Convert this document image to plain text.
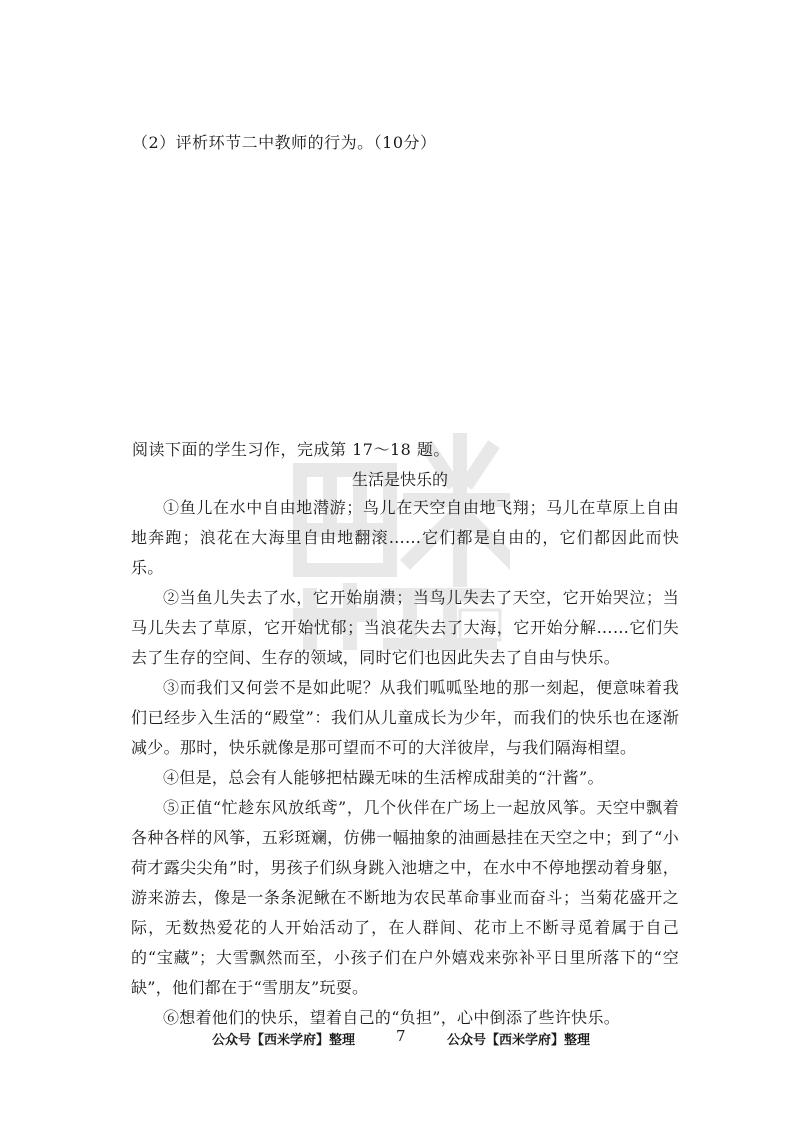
（2）评析环节二中教师的行为。（10分）
阅读下面的学生习作，完成第 17～18 题。
生活是快乐的

①鱼儿在水中自由地潜游；鸟儿在天空自由地飞翔；马儿在草原上自由地奔跑；浪花在大海里自由地翻滚……它们都是自由的，它们都因此而快乐。

②当鱼儿失去了水，它开始崩溃；当鸟儿失去了天空，它开始哭泣；当马儿失去了草原，它开始忧郁；当浪花失去了大海，它开始分解……它们失去了生存的空间、生存的领域，同时它们也因此失去了自由与快乐。

③而我们又何尝不是如此呢？从我们呱呱坠地的那一刻起，便意味着我们已经步入生活的“殿堂”：我们从儿童成长为少年，而我们的快乐也在逐渐减少。那时，快乐就像是那可望而不可的大洋彼岸，与我们隔海相望。

④但是，总会有人能够把枯躁无味的生活榨成甜美的“汁酱”。

⑤正值“忙趁东风放纸鸢”，几个伙伴在广场上一起放风筝。天空中飘着各种各样的风筝，五彩斑斓，仿佛一幅抽象的油画悬挂在天空之中；到了“小荷才露尖尖角”时，男孩子们纵身跳入池塘之中，在水中不停地摆动着身躯，游来游去，像是一条条泥鳅在不断地为农民革命事业而奋斗；当菊花盛开之际，无数热爱花的人开始活动了，在人群间、花市上不断寻觅着属于自己的“宝藏”；大雪飘然而至，小孩子们在户外嬉戏来弥补平日里所落下的“空缺”，他们都在于“雪朋友”玩耍。

⑥想着他们的快乐，望着自己的“负担”，心中倒添了些许快乐。

公众号【西米学府】整理	7	公众号【西米学府】整理
